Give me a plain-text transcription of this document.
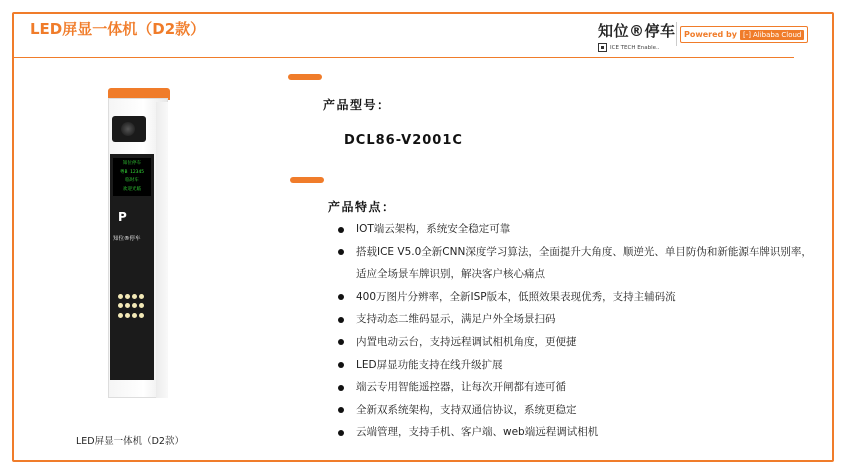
LED屏显一体机（D2款）	知位®停车
ICE TECH Enable..
Powered by [-] Alibaba Cloud
知位停车
粤B 12345
临时车
欢迎光临
P
知位®停车
LED屏显一体机（D2款）
产品型号：
DCL86-V2001C
产品特点：
IOT端云架构，系统安全稳定可靠
搭载ICE V5.0全新CNN深度学习算法，全面提升大角度、顺逆光、单目防伪和新能源车牌识别率，适应全场景车牌识别，解决客户核心痛点
400万图片分辨率，全新ISP版本，低照效果表现优秀，支持主辅码流
支持动态二维码显示，满足户外全场景扫码
内置电动云台，支持远程调试相机角度，更便捷
LED屏显功能支持在线升级扩展
端云专用智能遥控器，让每次开闸都有迹可循
全新双系统架构，支持双通信协议，系统更稳定
云端管理，支持手机、客户端、web端远程调试相机
